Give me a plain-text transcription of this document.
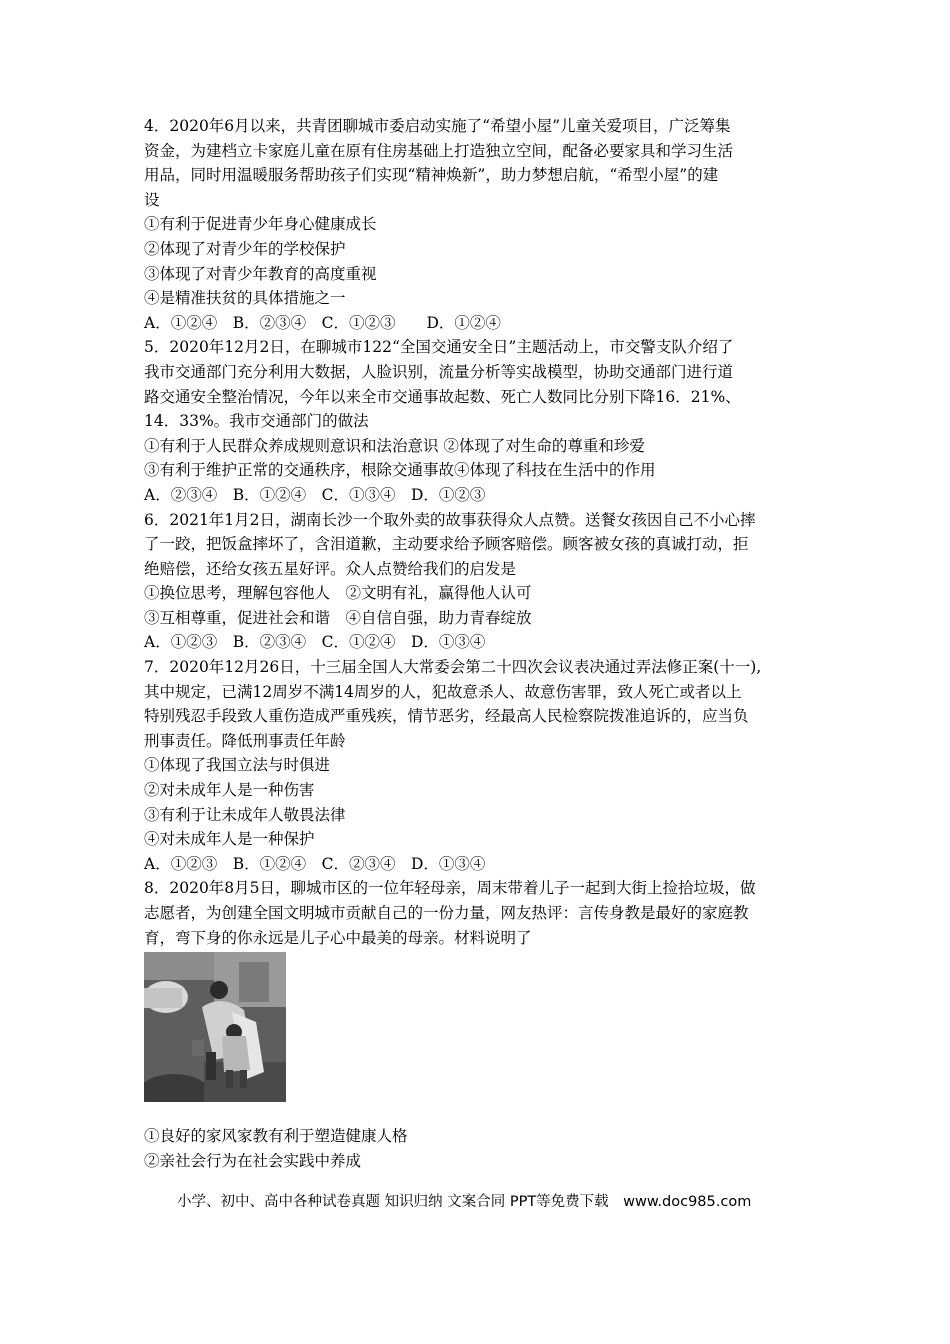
4．2020年6月以来，共青团聊城市委启动实施了“希望小屋”儿童关爱项目，广泛筹集

资金，为建档立卡家庭儿童在原有住房基础上打造独立空间，配备必要家具和学习生活

用品，同时用温暖服务帮助孩子们实现“精神焕新”，助力梦想启航，“希型小屋”的建

设

①有利于促进青少年身心健康成长

②体现了对青少年的学校保护

③体现了对青少年教育的高度重视

④是精准扶贫的具体措施之一

A．①②④　B．②③④　C．①②③　　D．①②④

5．2020年12月2日，在聊城市122“全国交通安全日”主题活动上，市交警支队介绍了

我市交通部门充分利用大数据，人脸识别，流量分析等实战模型，协助交通部门进行道

路交通安全整治情况，今年以来全市交通事故起数、死亡人数同比分别下降16．21%、

14．33%。我市交通部门的做法

①有利于人民群众养成规则意识和法治意识 ②体现了对生命的尊重和珍爱

③有利于维护正常的交通秩序，根除交通事故④体现了科技在生活中的作用

A．②③④　B．①②④　C．①③④　D．①②③

6．2021年1月2日，湖南长沙一个取外卖的故事获得众人点赞。送餐女孩因自己不小心摔

了一跤，把饭盒摔坏了，含泪道歉，主动要求给予顾客赔偿。顾客被女孩的真诚打动，拒

绝赔偿，还给女孩五星好评。众人点赞给我们的启发是

①换位思考，理解包容他人　②文明有礼，赢得他人认可

③互相尊重，促进社会和谐　④自信自强，助力青春绽放

A．①②③　B．②③④　C．①②④　D．①③④

7．2020年12月26日，十三届全国人大常委会第二十四次会议表决通过弄法修正案(十一),

其中规定，已满12周岁不满14周岁的人，犯故意杀人、故意伤害罪，致人死亡或者以上

特别残忍手段致人重伤造成严重残疾，情节恶劣，经最高人民检察院拨准追诉的，应当负

刑事责任。降低刑事责任年龄

①体现了我国立法与时俱进

②对未成年人是一种伤害

③有利于让未成年人敬畏法律

④对未成年人是一种保护

A．①②③　B．①②④　C．②③④　D．①③④

8．2020年8月5日，聊城市区的一位年轻母亲，周末带着儿子一起到大街上捡拾垃圾，做

志愿者，为创建全国文明城市贡献自己的一份力量，网友热评：言传身教是最好的家庭教

育，弯下身的你永远是儿子心中最美的母亲。材料说明了

①良好的家风家教有利于塑造健康人格

②亲社会行为在社会实践中养成

小学、初中、高中各种试卷真题 知识归纳 文案合同 PPT等免费下载　www.doc985.com
